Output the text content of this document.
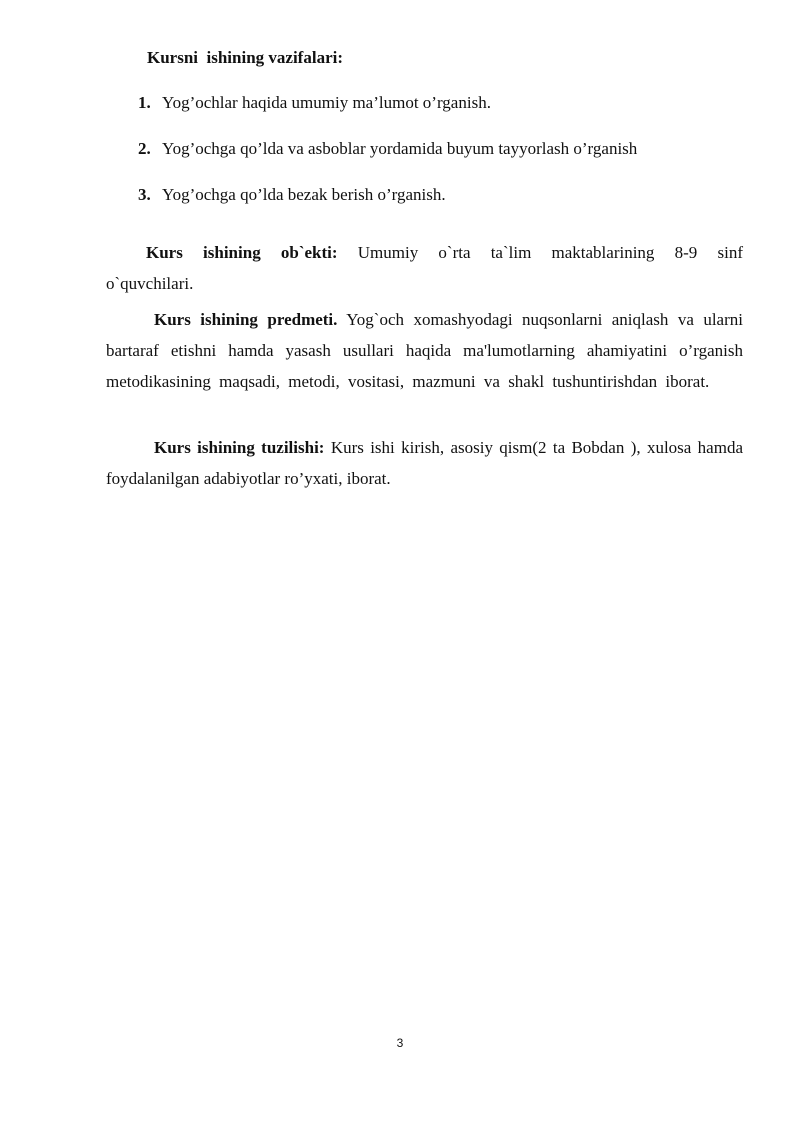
Kursni  ishining vazifalari:
1. Yog’ochlar haqida umumiy ma’lumot o’rganish.
2. Yog’ochga qo’lda va asboblar yordamida buyum tayyorlash o’rganish
3. Yog’ochga qo’lda bezak berish o’rganish.

Kurs ishining ob`ekti: Umumiy o`rta ta`lim maktablarining 8-9 sinf o`quvchilari.

Kurs ishining predmeti. Yog`och xomashyodagi nuqsonlarni aniqlash va ularni bartaraf etishni hamda yasash usullari haqida ma'lumotlarning ahamiyatini o’rganish metodikasining maqsadi, metodi, vositasi, mazmuni va shakl tushuntirishdan iborat.

Kurs ishining tuzilishi: Kurs ishi kirish, asosiy qism(2 ta Bobdan ), xulosa hamda foydalanilgan adabiyotlar ro’yxati, iborat.

3
